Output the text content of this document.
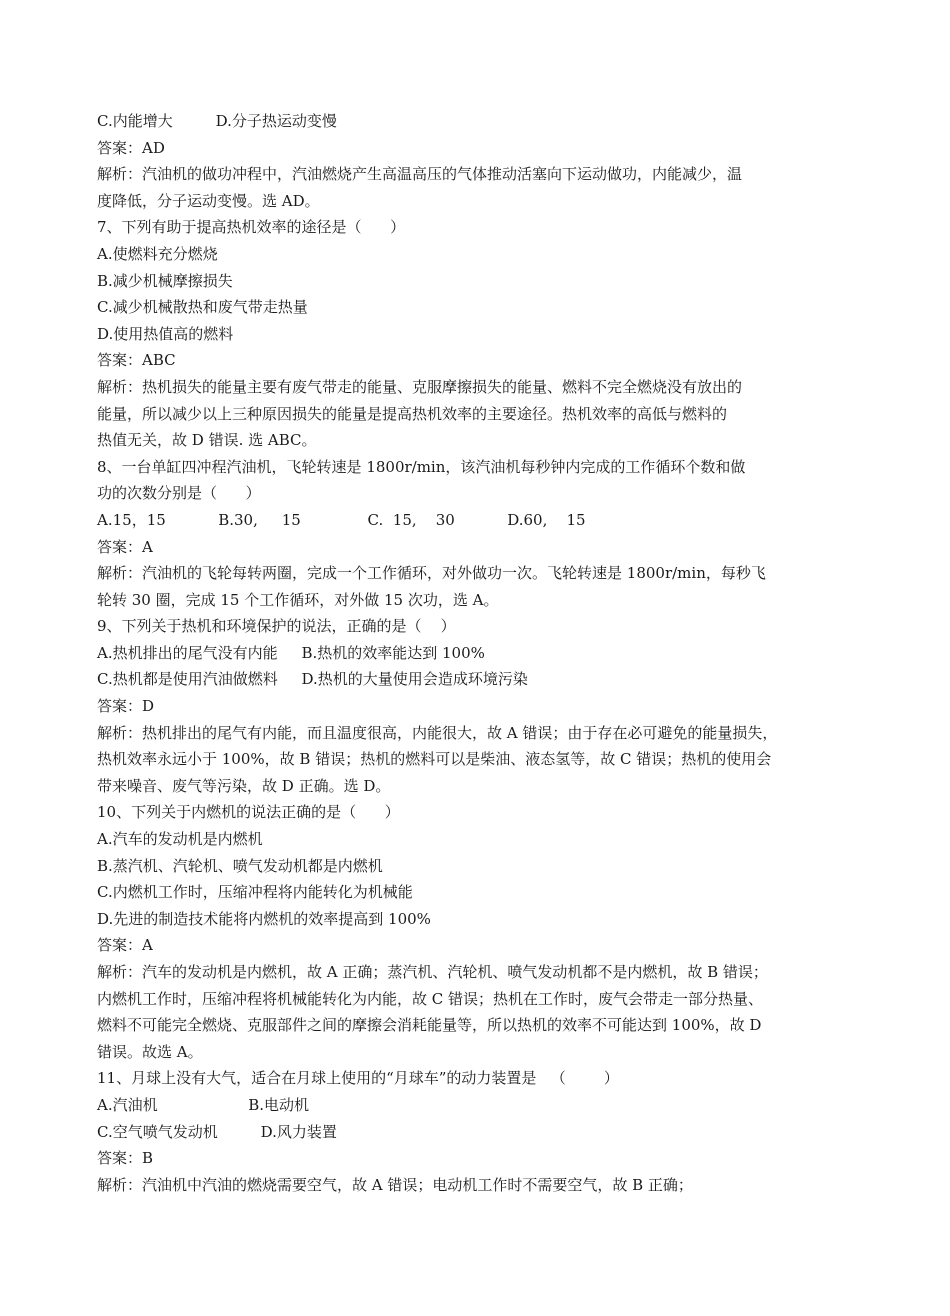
C.内能增大         D.分子热运动变慢
答案：AD
解析：汽油机的做功冲程中，汽油燃烧产生高温高压的气体推动活塞向下运动做功，内能减少，温
度降低，分子运动变慢。选 AD。
7、下列有助于提高热机效率的途径是（      ）
A.使燃料充分燃烧
B.减少机械摩擦损失
C.减少机械散热和废气带走热量
D.使用热值高的燃料
答案：ABC
解析：热机损失的能量主要有废气带走的能量、克服摩擦损失的能量、燃料不完全燃烧没有放出的
能量，所以减少以上三种原因损失的能量是提高热机效率的主要途径。热机效率的高低与燃料的
热值无关，故 D 错误. 选 ABC。
8、一台单缸四冲程汽油机，飞轮转速是 1800r/min，该汽油机每秒钟内完成的工作循环个数和做
功的次数分别是（      ）
A.15，15           B.30,     15              C.  15,    30           D.60,    15
答案：A
解析：汽油机的飞轮每转两圈，完成一个工作循环，对外做功一次。飞轮转速是 1800r/min，每秒飞
轮转 30 圈，完成 15 个工作循环，对外做 15 次功，选 A。
9、下列关于热机和环境保护的说法，正确的是（    ）
A.热机排出的尾气没有内能     B.热机的效率能达到 100%
C.热机都是使用汽油做燃料     D.热机的大量使用会造成环境污染
答案：D
解析：热机排出的尾气有内能，而且温度很高，内能很大，故 A 错误；由于存在必可避免的能量损失，
热机效率永远小于 100%，故 B 错误；热机的燃料可以是柴油、液态氢等，故 C 错误；热机的使用会
带来噪音、废气等污染，故 D 正确。选 D。
10、下列关于内燃机的说法正确的是（      ）
A.汽车的发动机是内燃机
B.蒸汽机、汽轮机、喷气发动机都是内燃机
C.内燃机工作时，压缩冲程将内能转化为机械能
D.先进的制造技术能将内燃机的效率提高到 100%
答案：A
解析：汽车的发动机是内燃机，故 A 正确；蒸汽机、汽轮机、喷气发动机都不是内燃机，故 B 错误；
内燃机工作时，压缩冲程将机械能转化为内能，故 C 错误；热机在工作时，废气会带走一部分热量、
燃料不可能完全燃烧、克服部件之间的摩擦会消耗能量等，所以热机的效率不可能达到 100%，故 D
错误。故选 A。
11、月球上没有大气，适合在月球上使用的“月球车”的动力装置是   （        ）
A.汽油机                   B.电动机
C.空气喷气发动机         D.风力装置
答案：B
解析：汽油机中汽油的燃烧需要空气，故 A 错误；电动机工作时不需要空气，故 B 正确；
